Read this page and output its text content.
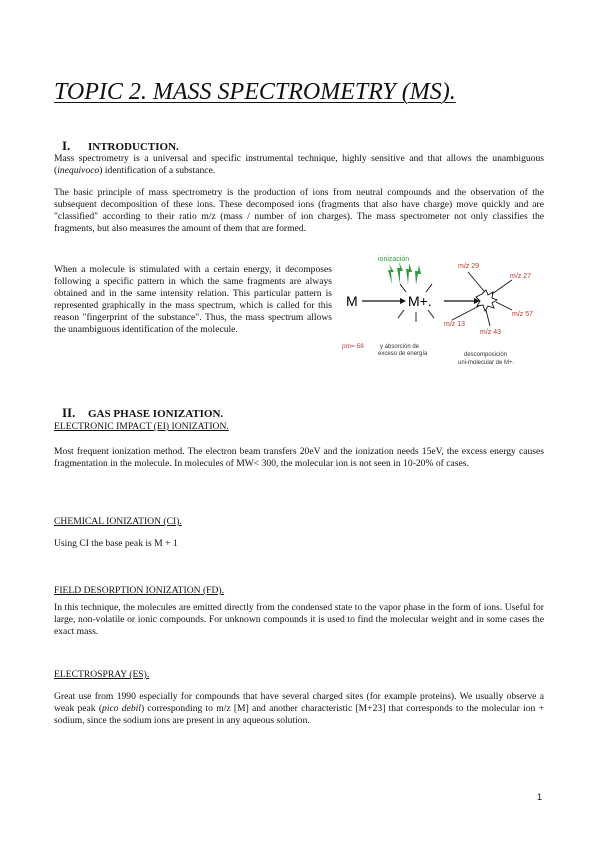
TOPIC 2. MASS SPECTROMETRY (MS).
I. INTRODUCTION.
Mass spectrometry is a universal and specific instrumental technique, highly sensitive and that allows the unambiguous (inequivoco) identification of a substance.
The basic principle of mass spectrometry is the production of ions from neutral compounds and the observation of the subsequent decomposition of these ions. These decomposed ions (fragments that also have charge) move quickly and are "classified" according to their ratio m/z (mass / number of ion charges). The mass spectrometer not only classifies the fragments, but also measures the amount of them that are formed.
When a molecule is stimulated with a certain energy, it decomposes following a specific pattern in which the same fragments are always obtained and in the same intensity relation. This particular pattern is represented graphically in the mass spectrum, which is called for this reason "fingerprint of the substance". Thus, the mass spectrum allows the unambiguous identification of the molecule.
ionización
M	M+.
m/z 29
m/z 27
m/z 57
m/z 13
m/z 43
pm= 58	y absorción de
exceso de energía	descomposición
uni-molecular de M+.
II. GAS PHASE IONIZATION.
ELECTRONIC IMPACT (EI) IONIZATION.
Most frequent ionization method. The electron beam transfers 20eV and the ionization needs 15eV, the excess energy causes fragmentation in the molecule. In molecules of MW< 300, the molecular ion is not seen in 10-20% of cases.
CHEMICAL IONIZATION (CI).
Using CI the base peak is M + 1
FIELD DESORPTION IONIZATION (FD).
In this technique, the molecules are emitted directly from the condensed state to the vapor phase in the form of ions. Useful for large, non-volatile or ionic compounds. For unknown compounds it is used to find the molecular weight and in some cases the exact mass.
ELECTROSPRAY (ES).
Great use from 1990 especially for compounds that have several charged sites (for example proteins). We usually observe a weak peak (pico debil) corresponding to m/z [M] and another characteristic [M+23] that corresponds to the molecular ion + sodium, since the sodium ions are present in any aqueous solution.
1
